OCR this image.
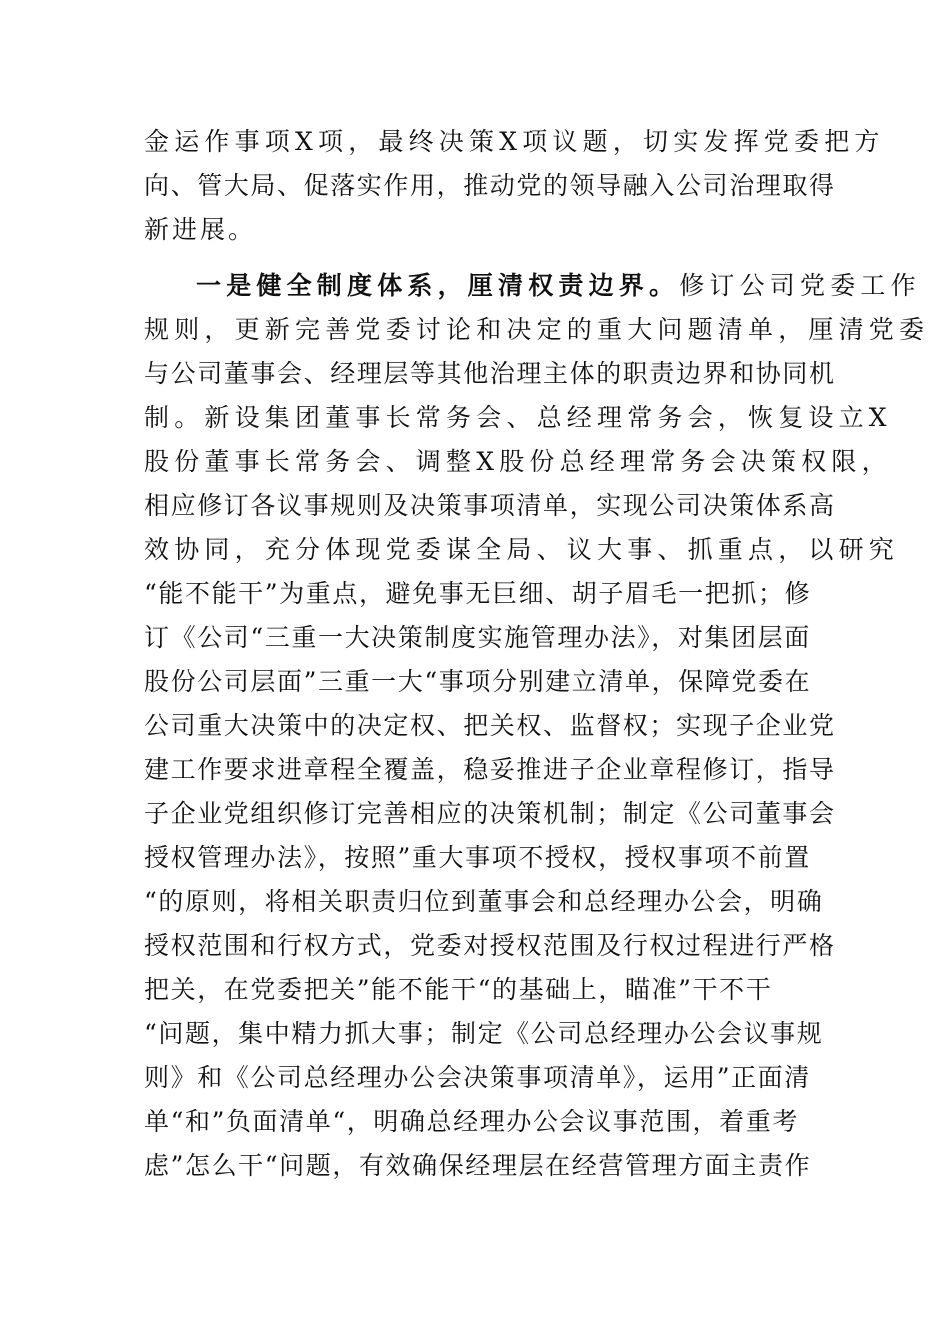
金运作事项X项，最终决策X项议题，切实发挥党委把方
向、管大局、促落实作用，推动党的领导融入公司治理取得
新进展。
一是健全制度体系，厘清权责边界。修订公司党委工作
规则，更新完善党委讨论和决定的重大问题清单，厘清党委
与公司董事会、经理层等其他治理主体的职责边界和协同机
制。新设集团董事长常务会、总经理常务会，恢复设立X
股份董事长常务会、调整X股份总经理常务会决策权限，
相应修订各议事规则及决策事项清单，实现公司决策体系高
效协同，充分体现党委谋全局、议大事、抓重点，以研究
“能不能干”为重点，避免事无巨细、胡子眉毛一把抓；修
订《公司“三重一大决策制度实施管理办法》，对集团层面
股份公司层面”三重一大“事项分别建立清单，保障党委在
公司重大决策中的决定权、把关权、监督权；实现子企业党
建工作要求进章程全覆盖，稳妥推进子企业章程修订，指导
子企业党组织修订完善相应的决策机制；制定《公司董事会
授权管理办法》，按照”重大事项不授权，授权事项不前置
“的原则，将相关职责归位到董事会和总经理办公会，明确
授权范围和行权方式，党委对授权范围及行权过程进行严格
把关，在党委把关”能不能干“的基础上，瞄准”干不干
“问题，集中精力抓大事；制定《公司总经理办公会议事规
则》和《公司总经理办公会决策事项清单》，运用”正面清
单“和”负面清单“，明确总经理办公会议事范围，着重考
虑”怎么干“问题，有效确保经理层在经营管理方面主责作
